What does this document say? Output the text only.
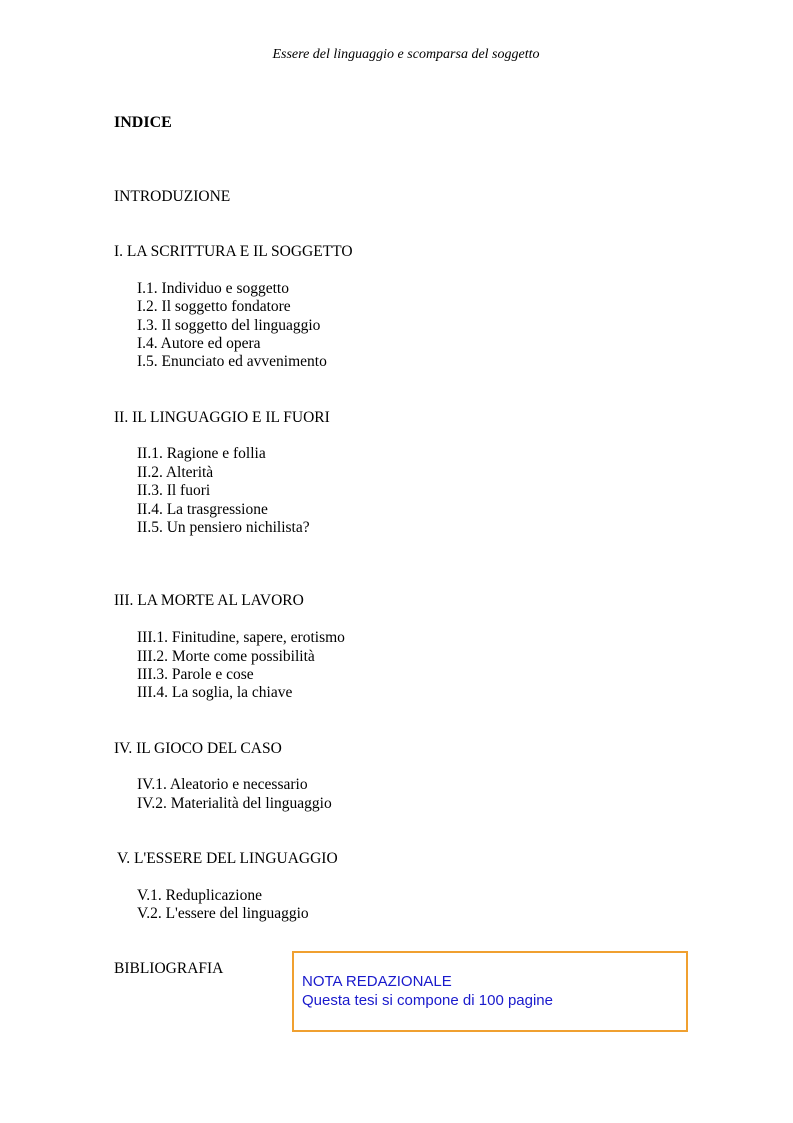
Essere del linguaggio e scomparsa del soggetto
INDICE
INTRODUZIONE
I. LA SCRITTURA E IL SOGGETTO
I.1. Individuo e soggetto
I.2. Il soggetto fondatore
I.3. Il soggetto del linguaggio
I.4. Autore ed opera
I.5. Enunciato ed avvenimento
II. IL LINGUAGGIO E IL FUORI
II.1. Ragione e follia
II.2. Alterità
II.3. Il fuori
II.4. La trasgressione
II.5. Un pensiero nichilista?
III. LA MORTE AL LAVORO
III.1. Finitudine, sapere, erotismo
III.2. Morte come possibilità
III.3. Parole e cose
III.4. La soglia, la chiave
IV. IL GIOCO DEL CASO
IV.1. Aleatorio e necessario
IV.2. Materialità del linguaggio
V. L'ESSERE DEL LINGUAGGIO
V.1. Reduplicazione
V.2. L'essere del linguaggio
BIBLIOGRAFIA
NOTA REDAZIONALE
Questa tesi si compone di 100 pagine
